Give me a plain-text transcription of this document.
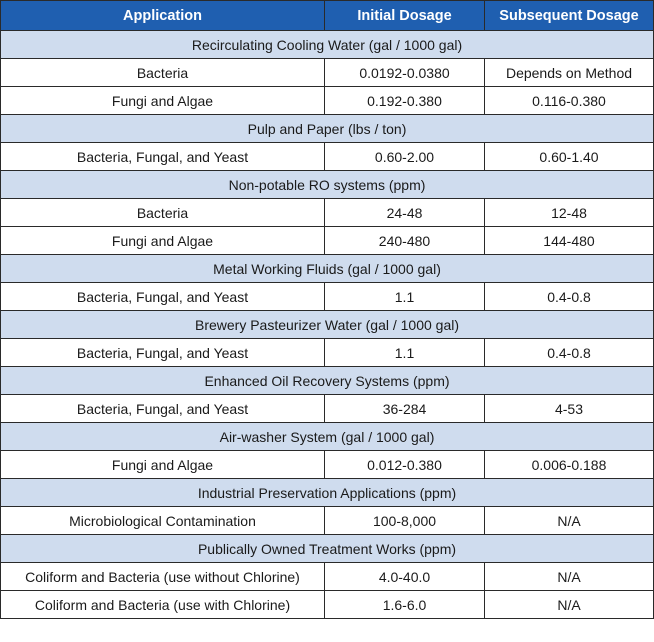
Application	Initial Dosage	Subsequent Dosage
Recirculating Cooling Water (gal / 1000 gal)		
Bacteria	0.0192-0.0380	Depends on Method
Fungi and Algae	0.192-0.380	0.116-0.380
Pulp and Paper (lbs / ton)		
Bacteria, Fungal, and Yeast	0.60-2.00	0.60-1.40
Non-potable RO systems (ppm)		
Bacteria	24-48	12-48
Fungi and Algae	240-480	144-480
Metal Working Fluids (gal / 1000 gal)		
Bacteria, Fungal, and Yeast	1.1	0.4-0.8
Brewery Pasteurizer Water (gal / 1000 gal)		
Bacteria, Fungal, and Yeast	1.1	0.4-0.8
Enhanced Oil Recovery Systems (ppm)		
Bacteria, Fungal, and Yeast	36-284	4-53
Air-washer System (gal / 1000 gal)		
Fungi and Algae	0.012-0.380	0.006-0.188
Industrial Preservation Applications (ppm)		
Microbiological Contamination	100-8,000	N/A
Publically Owned Treatment Works (ppm)		
Coliform and Bacteria (use without Chlorine)	4.0-40.0	N/A
Coliform and Bacteria (use with Chlorine)	1.6-6.0	N/A
